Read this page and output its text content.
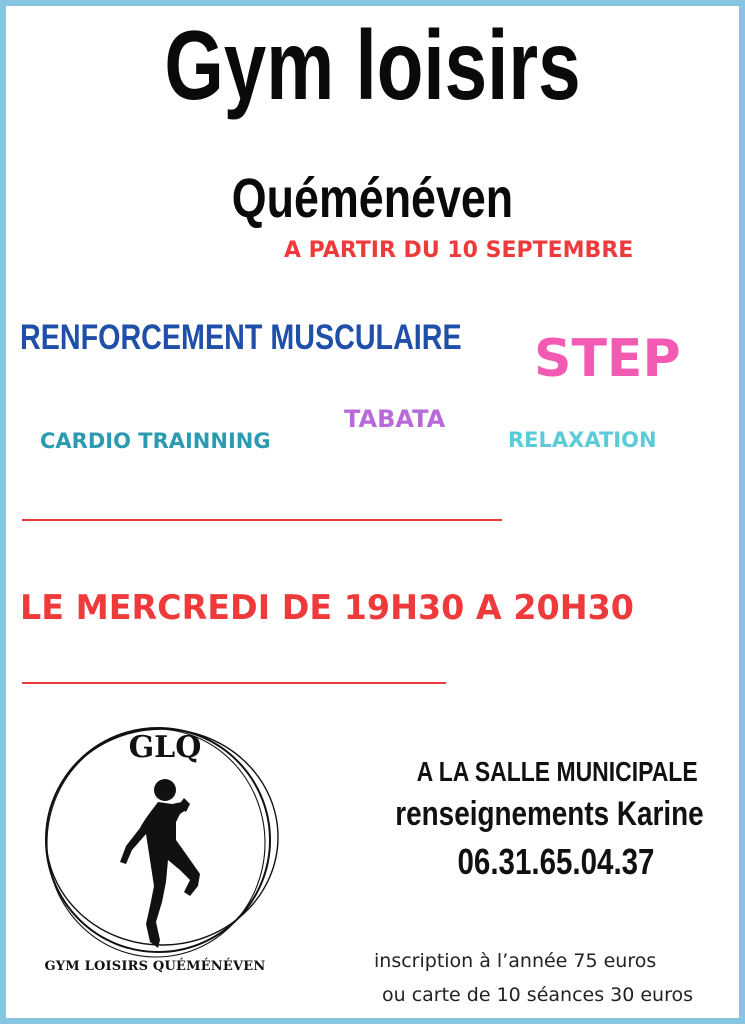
Gym loisirs
Quéménéven
A PARTIR DU 10 SEPTEMBRE
RENFORCEMENT MUSCULAIRE STEP
TABATA
CARDIO TRAINNING	RELAXATION
LE MERCREDI DE 19H30 A 20H30
GLQ
GYM LOISIRS QUÉMÉNÉVEN
A LA SALLE MUNICIPALE
renseignements Karine
06.31.65.04.37
inscription à l’année 75 euros
ou carte de 10 séances 30 euros
